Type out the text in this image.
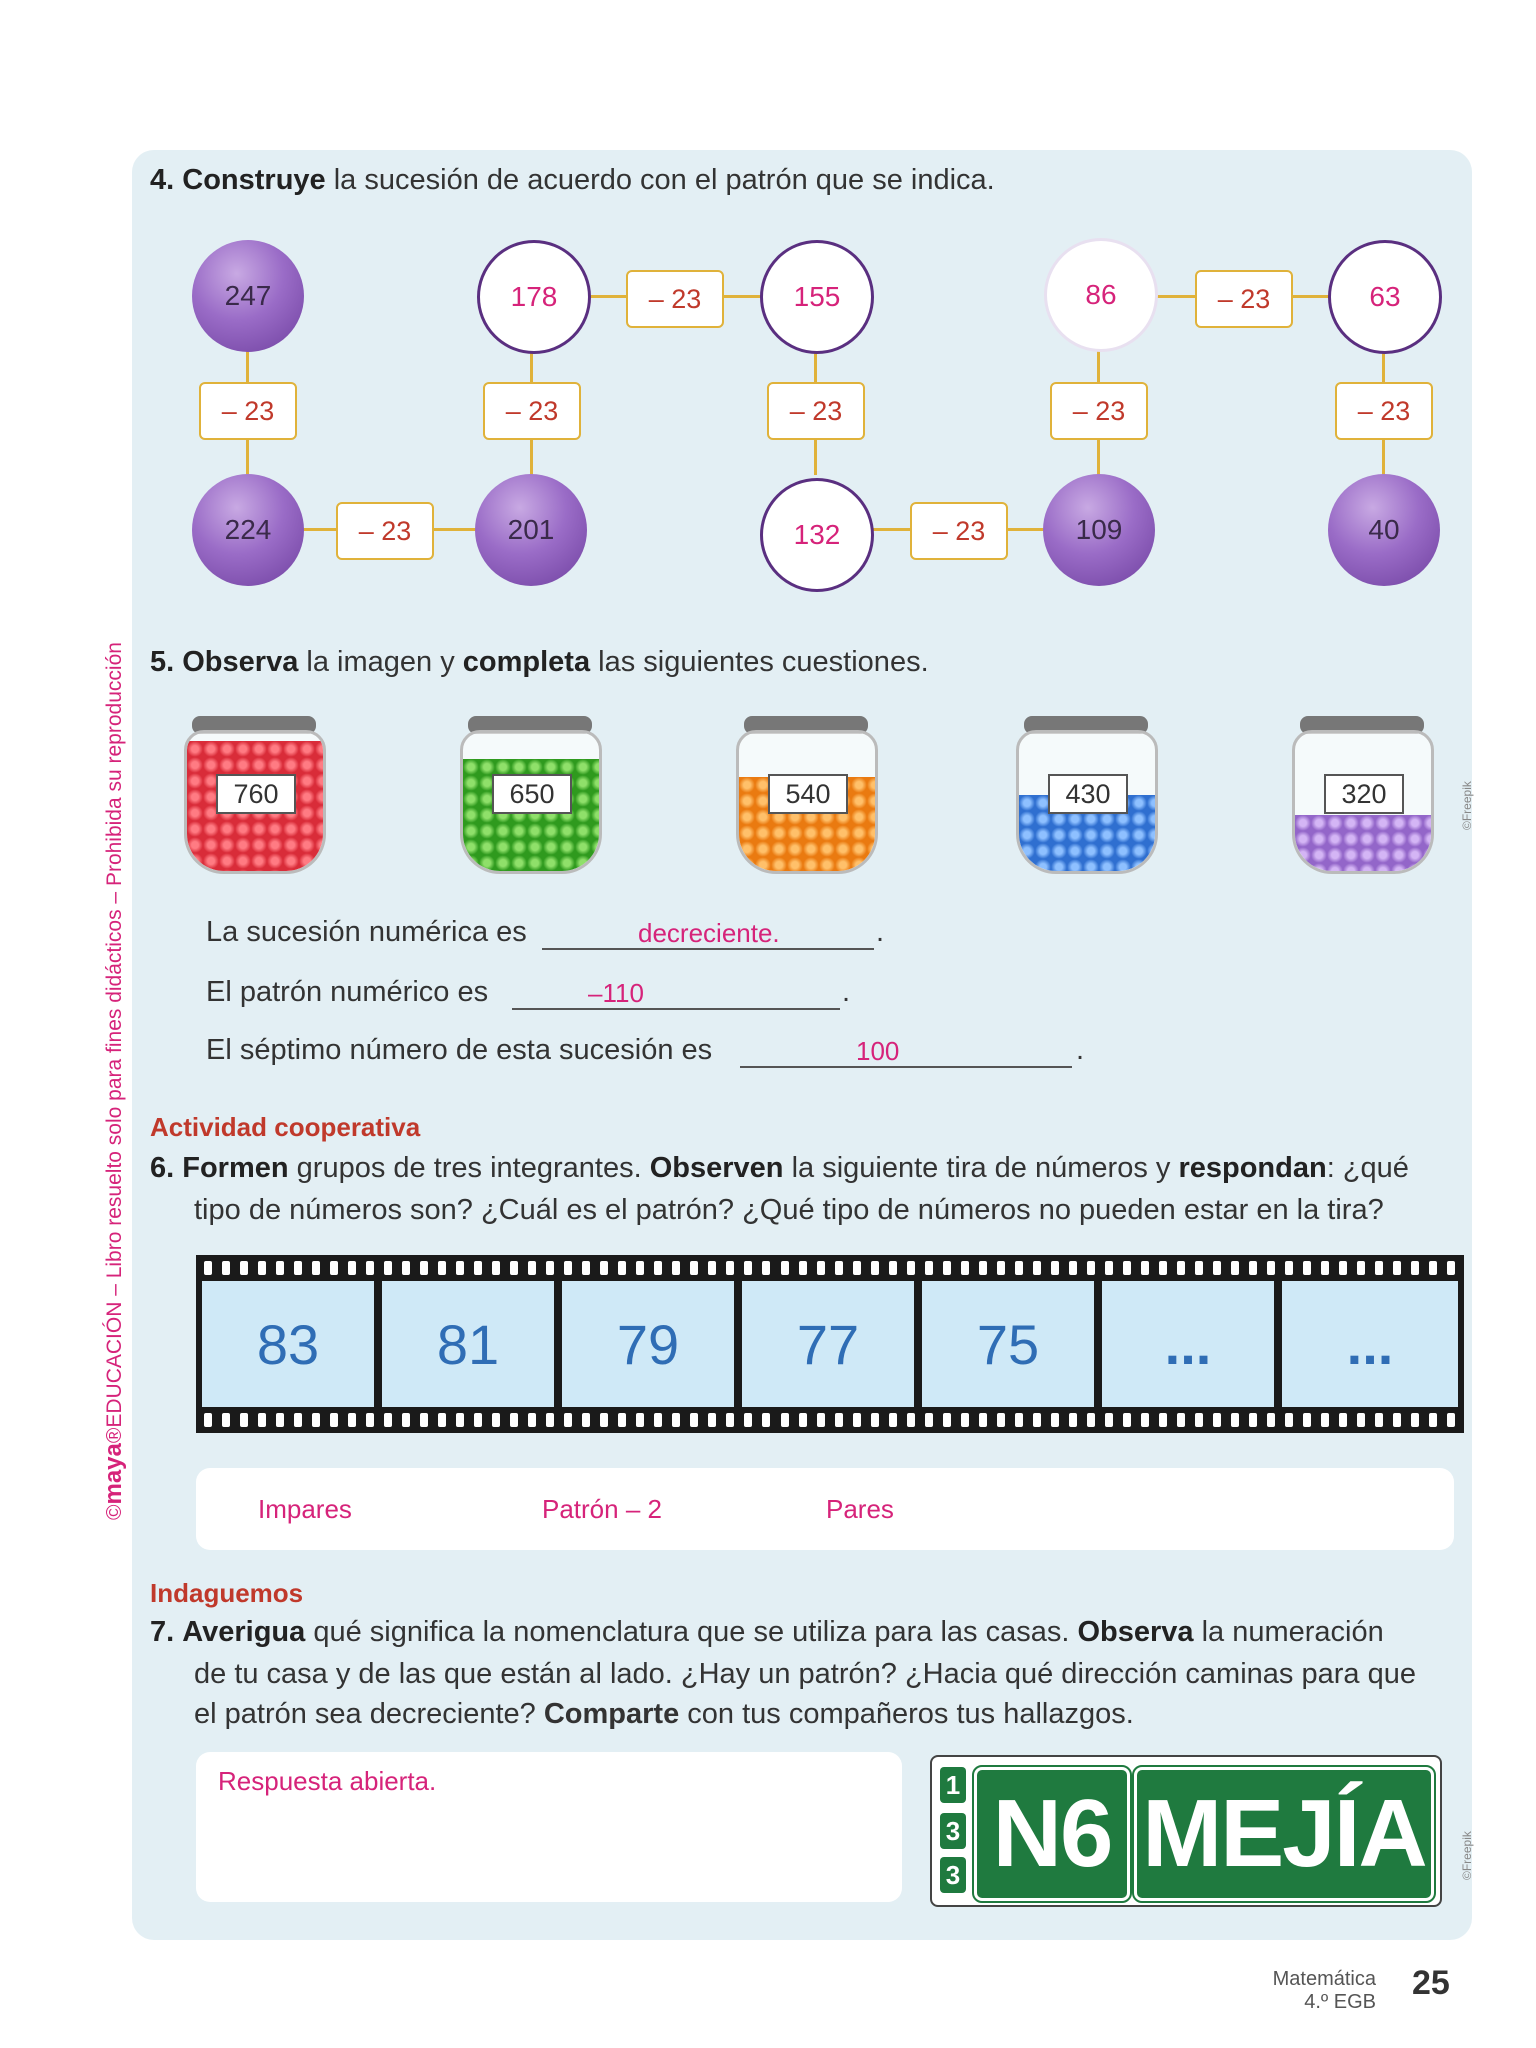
©maya®EDUCACIÓN – Libro resuelto solo para fines didácticos – Prohibida su reproducción	©Freepik
©Freepik
4. Construye la sucesión de acuerdo con el patrón que se indica.
247
224	201
178	155
132	109
86	63
40
– 23	– 23	– 23	– 23	– 23
– 23
– 23
– 23
– 23
5. Observa la imagen y completa las siguientes cuestiones.
760	650	540	430	320
La sucesión numérica es	decreciente.	.
El patrón numérico es	–110	.
El séptimo número de esta sucesión es	100	.
Actividad cooperativa
6. Formen grupos de tres integrantes. Observen la siguiente tira de números y respondan: ¿qué
tipo de números son? ¿Cuál es el patrón? ¿Qué tipo de números no pueden estar en la tira?
83	81	79	77	75	...	...
Impares	Patrón – 2	Pares
Indaguemos
7. Averigua qué significa la nomenclatura que se utiliza para las casas. Observa la numeración
de tu casa y de las que están al lado. ¿Hay un patrón? ¿Hacia qué dirección caminas para que
el patrón sea decreciente? Comparte con tus compañeros tus hallazgos.
Respuesta abierta.	1
3
3 N6 MEJÍA
Matemática
4.º EGB 25
